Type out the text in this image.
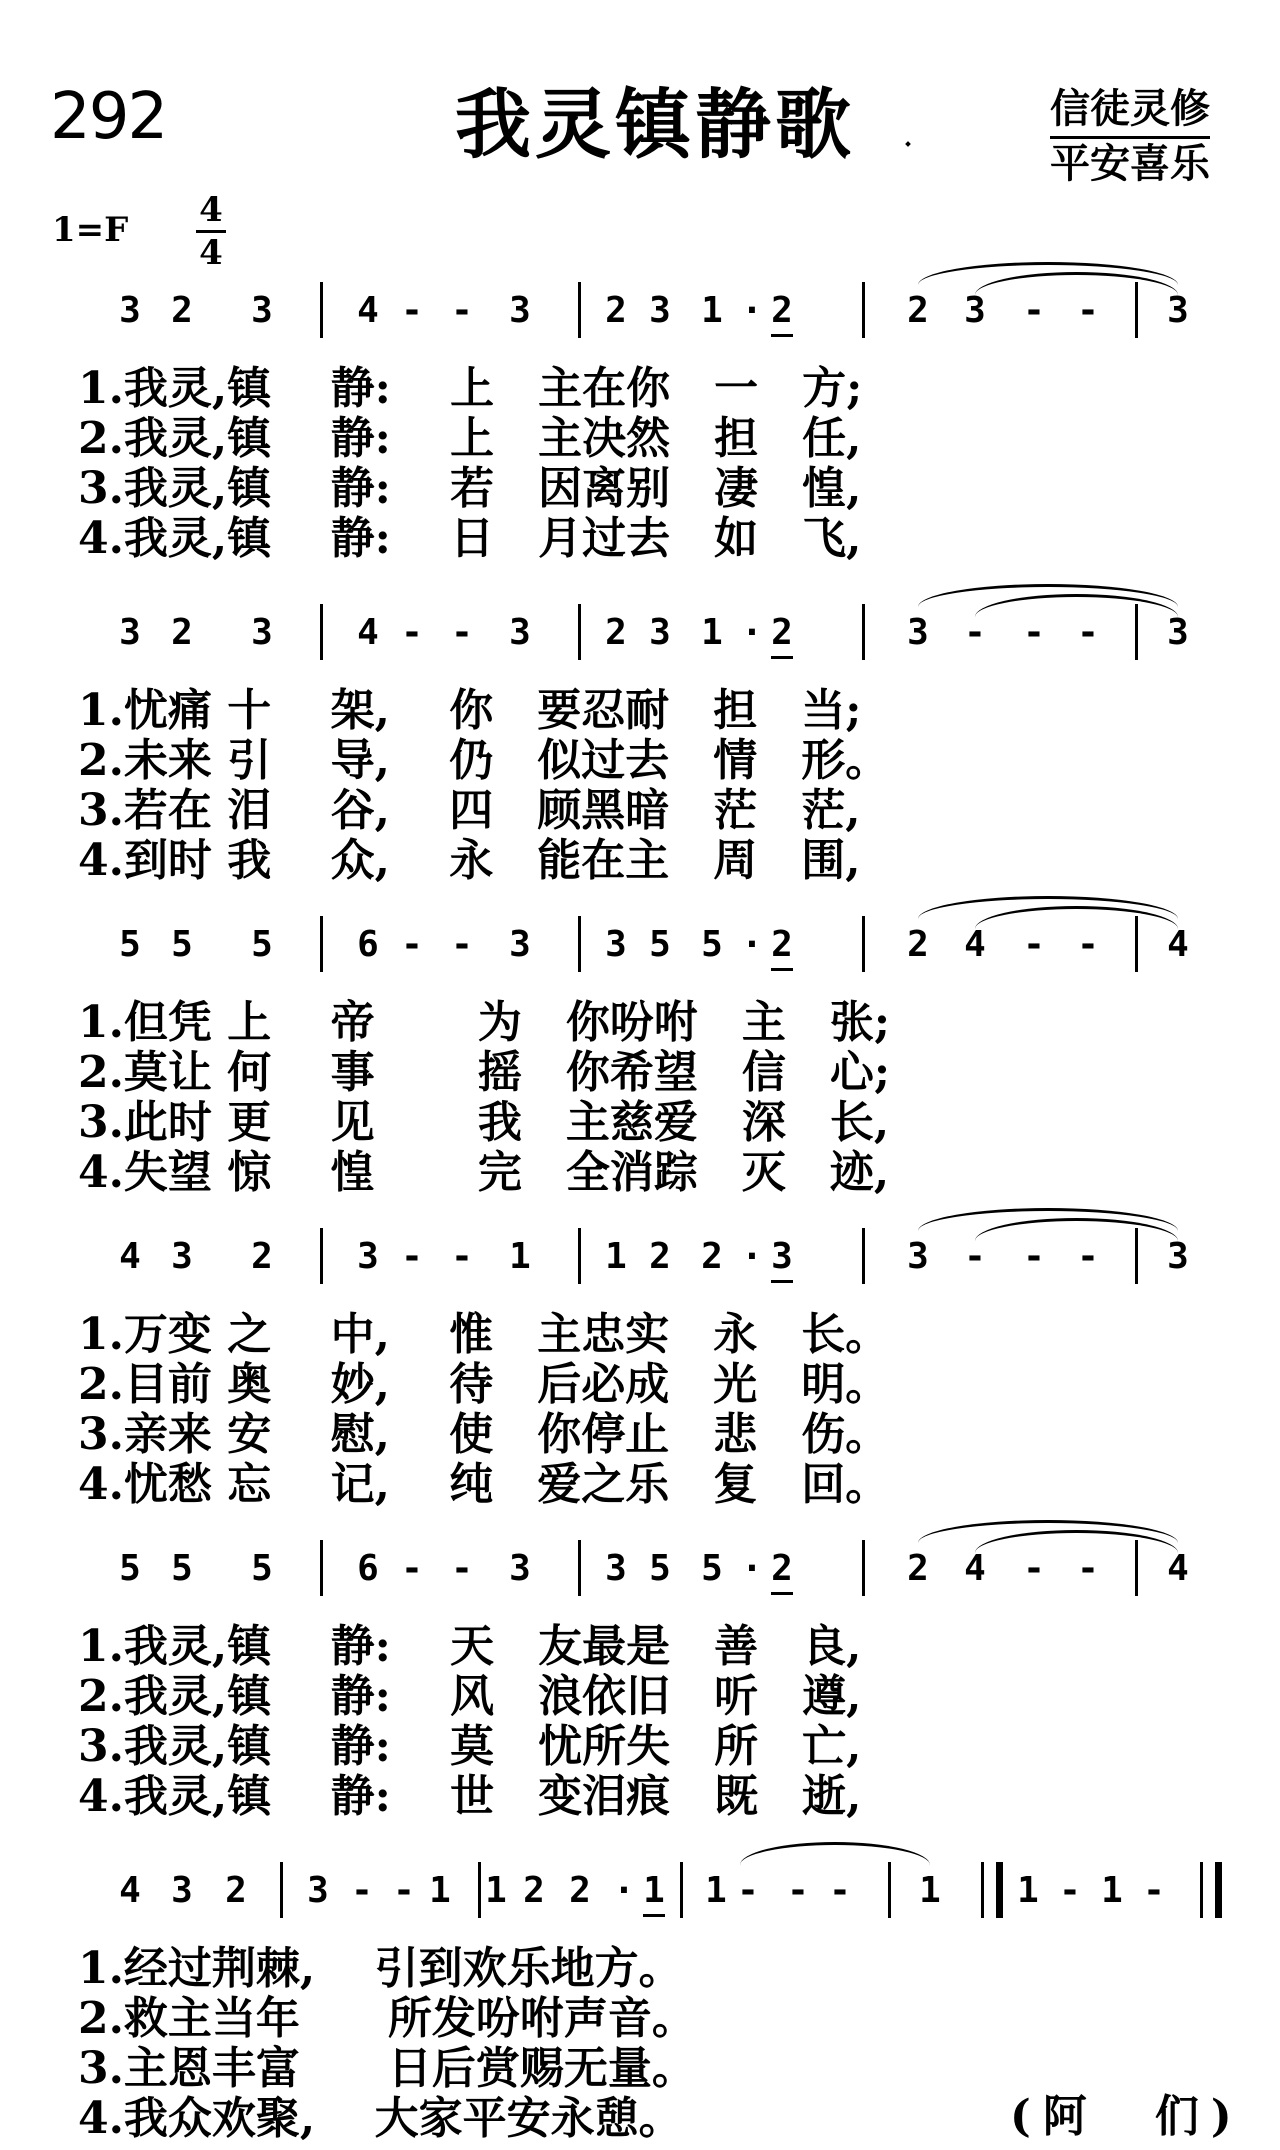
292	我灵镇静歌	信徒灵修
平安喜乐
1=F 4
4
3 2 3 4 - - 3 2 3 1 · 2	2 3 - - 3
1.我灵,镇　 静:　 上　主在你　一　方;
2.我灵,镇　 静:　 上　主决然　担　任,
3.我灵,镇　 静:　 若　因离别　凄　惶,
4.我灵,镇　 静:　 日　月过去　如　飞,
3 2 3 4 - - 3 2 3 1 · 2	3 - - - 3
1.忧痛 十　 架,　 你　要忍耐　担　当;
2.未来 引　 导,　 仍　似过去　情　形。
3.若在 泪　 谷,　 四　顾黑暗　茫　茫,
4.到时 我　 众,　 永　能在主　周　围,
5 5 5 6 - - 3 3 5 5 · 2	2 4 - - 4
1.但凭 上　 帝　　 为　你吩咐　主　张;
2.莫让 何　 事　　 摇　你希望　信　心;
3.此时 更　 见　　 我　主慈爱　深　长,
4.失望 惊　 惶　　 完　全消踪　灭　迹,
4 3 2 3 - - 1 1 2 2 · 3	3 - - - 3
1.万变 之　 中,　 惟　主忠实　永　长。
2.目前 奥　 妙,　 待　后必成　光　明。
3.亲来 安　 慰,　 使　你停止　悲　伤。
4.忧愁 忘　 记,　 纯　爱之乐　复　回。
5 5 5 6 - - 3 3 5 5 · 2	2 4 - - 4
1.我灵,镇　 静:　 天　友最是　善　良,
2.我灵,镇　 静:　 风　浪依旧　听　遵,
3.我灵,镇　 静:　 莫　忧所失　所　亡,
4.我灵,镇　 静:　 世　变泪痕　既　逝,
4 3 2 3 - - 1 1 2 2 · 1 1 - - - 1 1 - 1 -
1.经过荆棘,　 引到欢乐地方。
2.救主当年　　所发吩咐声音。
3.主恩丰富　　日后赏赐无量。
4.我众欢聚,　 大家平安永憩。	(阿　们)
